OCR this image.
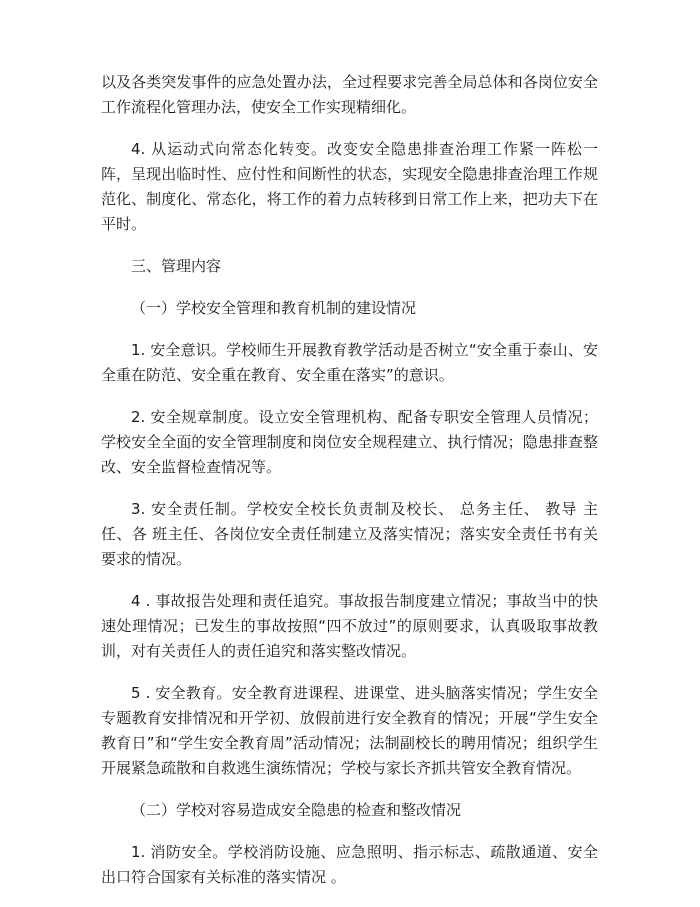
以及各类突发事件的应急处置办法，全过程要求完善全局总体和各岗位安全工作流程化管理办法，使安全工作实现精细化。

4. 从运动式向常态化转变。改变安全隐患排查治理工作紧一阵松一阵，呈现出临时性、应付性和间断性的状态，实现安全隐患排查治理工作规范化、制度化、常态化，将工作的着力点转移到日常工作上来，把功夫下在平时。

三、管理内容

（一）学校安全管理和教育机制的建设情况

1. 安全意识。学校师生开展教育教学活动是否树立“安全重于泰山、安全重在防范、安全重在教育、安全重在落实”的意识。

2. 安全规章制度。设立安全管理机构、配备专职安全管理人员情况；学校安全全面的安全管理制度和岗位安全规程建立、执行情况；隐患排查整改、安全监督检查情况等。

3. 安全责任制。学校安全校长负责制及校长、 总务主任、 教导 主任、各 班主任、各岗位安全责任制建立及落实情况；落实安全责任书有关要求的情况。

4 . 事故报告处理和责任追究。事故报告制度建立情况；事故当中的快速处理情况；已发生的事故按照“四不放过”的原则要求，认真吸取事故教训，对有关责任人的责任追究和落实整改情况。

5 . 安全教育。安全教育进课程、进课堂、进头脑落实情况；学生安全专题教育安排情况和开学初、放假前进行安全教育的情况；开展“学生安全教育日”和“学生安全教育周”活动情况；法制副校长的聘用情况；组织学生开展紧急疏散和自救逃生演练情况；学校与家长齐抓共管安全教育情况。

（二）学校对容易造成安全隐患的检查和整改情况

1. 消防安全。学校消防设施、应急照明、指示标志、疏散通道、安全出口符合国家有关标准的落实情况 。
